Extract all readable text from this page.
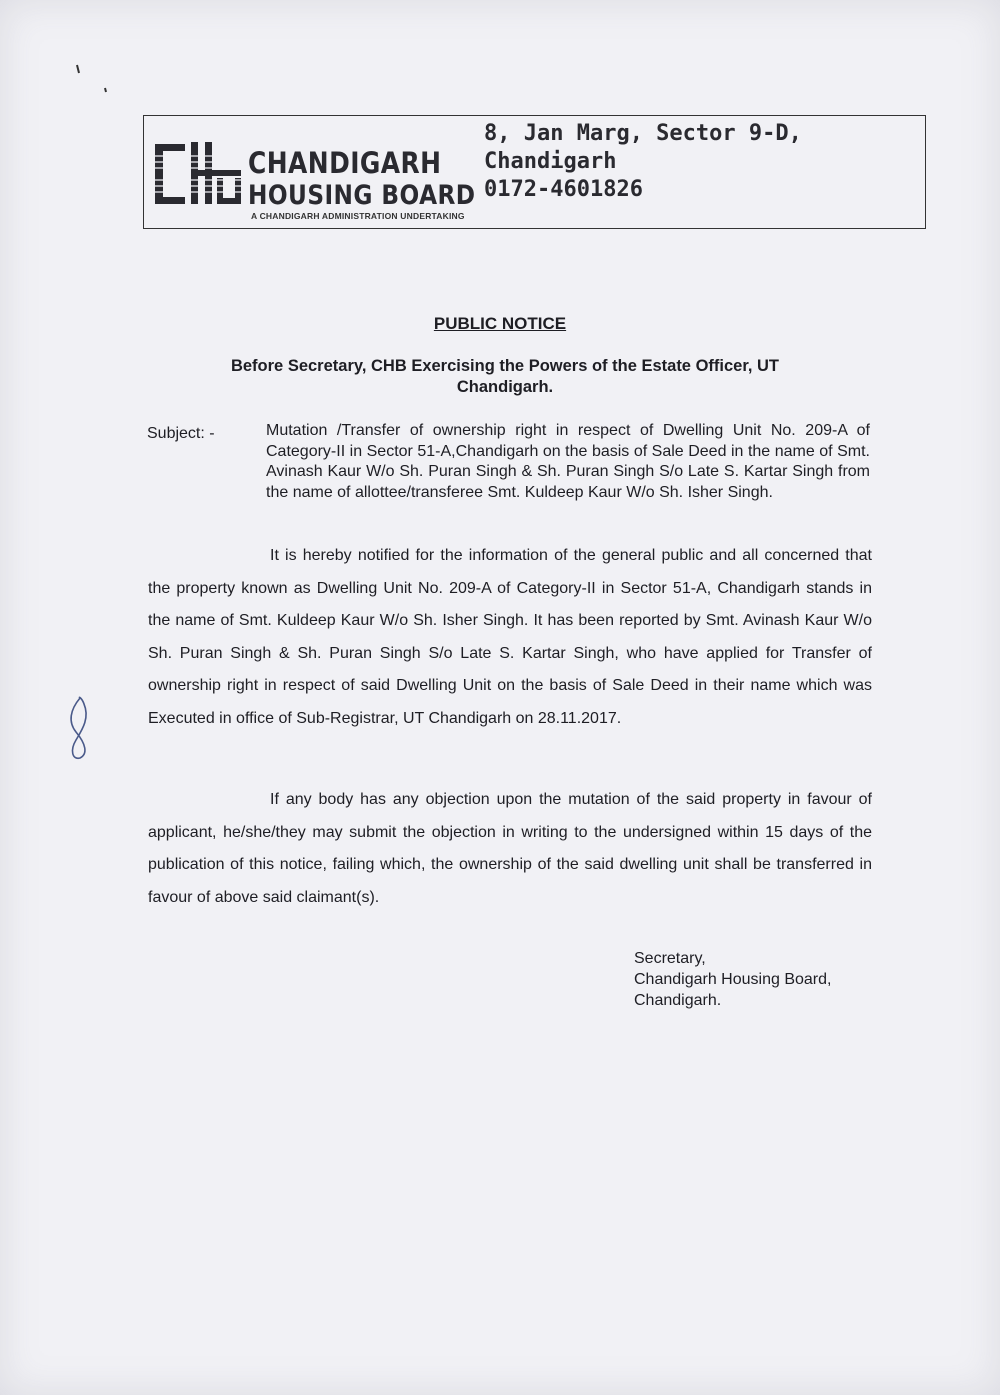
CHANDIGARH
HOUSING BOARD
A CHANDIGARH ADMINISTRATION UNDERTAKING
8, Jan Marg, Sector 9-D,
Chandigarh
0172-4601826
PUBLIC NOTICE
Before Secretary, CHB Exercising the Powers of the Estate Officer, UT
Chandigarh.
Subject: -	Mutation /Transfer of ownership right in respect of Dwelling Unit No. 209-A of Category-II in Sector 51-A,Chandigarh on the basis of Sale Deed in the name of Smt. Avinash Kaur W/o Sh. Puran Singh & Sh. Puran Singh S/o Late S. Kartar Singh from the name of allottee/transferee Smt. Kuldeep Kaur W/o Sh. Isher Singh.
It is hereby notified for the information of the general public and all concerned that the property known as Dwelling Unit No. 209-A of Category-II in Sector 51-A, Chandigarh stands in the name of Smt. Kuldeep Kaur W/o Sh. Isher Singh. It has been reported by Smt. Avinash Kaur W/o Sh. Puran Singh & Sh. Puran Singh S/o Late S. Kartar Singh, who have applied for Transfer of ownership right in respect of said Dwelling Unit on the basis of Sale Deed in their name which was Executed in office of Sub-Registrar, UT Chandigarh on 28.11.2017.
If any body has any objection upon the mutation of the said property in favour of applicant, he/she/they may submit the objection in writing to the undersigned within 15 days of the publication of this notice, failing which, the ownership of the said dwelling unit shall be transferred in favour of above said claimant(s).
Secretary,
Chandigarh Housing Board,
Chandigarh.
